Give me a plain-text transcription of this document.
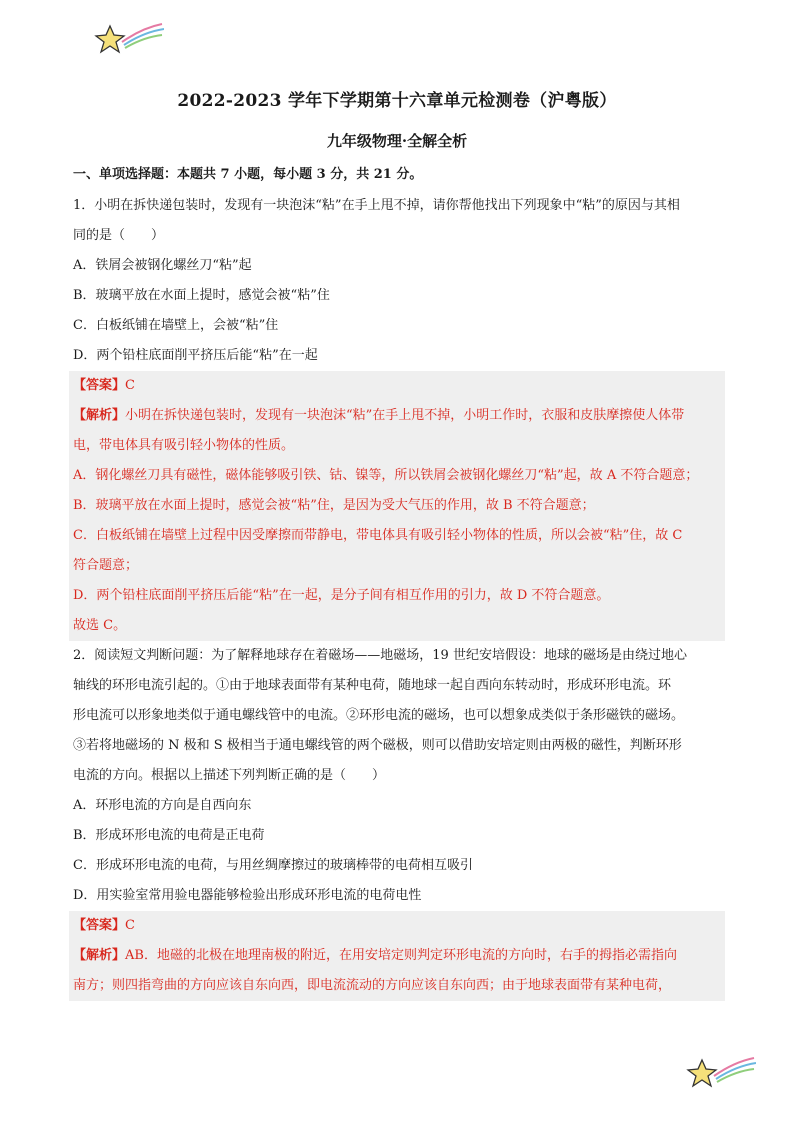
2022-2023 学年下学期第十六章单元检测卷（沪粤版）
九年级物理·全解全析
一、单项选择题：本题共 7 小题，每小题 3 分，共 21 分。
1．小明在拆快递包装时，发现有一块泡沫“粘”在手上甩不掉，请你帮他找出下列现象中“粘”的原因与其相
同的是（　　）
A．铁屑会被钢化螺丝刀“粘”起
B．玻璃平放在水面上提时，感觉会被“粘”住
C．白板纸铺在墙壁上，会被“粘”住
D．两个铅柱底面削平挤压后能“粘”在一起
【答案】C
【解析】小明在拆快递包装时，发现有一块泡沫“粘”在手上甩不掉，小明工作时，衣服和皮肤摩擦使人体带
电，带电体具有吸引轻小物体的性质。
A．钢化螺丝刀具有磁性，磁体能够吸引铁、钴、镍等，所以铁屑会被钢化螺丝刀“粘”起，故 A 不符合题意；
B．玻璃平放在水面上提时，感觉会被“粘”住，是因为受大气压的作用，故 B 不符合题意；
C．白板纸铺在墙壁上过程中因受摩擦而带静电，带电体具有吸引轻小物体的性质，所以会被“粘”住，故 C
符合题意；
D．两个铅柱底面削平挤压后能“粘”在一起，是分子间有相互作用的引力，故 D 不符合题意。
故选 C。
2．阅读短文判断问题：为了解释地球存在着磁场——地磁场，19 世纪安培假设：地球的磁场是由绕过地心
轴线的环形电流引起的。①由于地球表面带有某种电荷，随地球一起自西向东转动时，形成环形电流。环
形电流可以形象地类似于通电螺线管中的电流。②环形电流的磁场，也可以想象成类似于条形磁铁的磁场。
③若将地磁场的 N 极和 S 极相当于通电螺线管的两个磁极，则可以借助安培定则由两极的磁性，判断环形
电流的方向。根据以上描述下列判断正确的是（　　）
A．环形电流的方向是自西向东
B．形成环形电流的电荷是正电荷
C．形成环形电流的电荷，与用丝绸摩擦过的玻璃棒带的电荷相互吸引
D．用实验室常用验电器能够检验出形成环形电流的电荷电性
【答案】C
【解析】AB．地磁的北极在地理南极的附近，在用安培定则判定环形电流的方向时，右手的拇指必需指向
南方；则四指弯曲的方向应该自东向西，即电流流动的方向应该自东向西；由于地球表面带有某种电荷，
